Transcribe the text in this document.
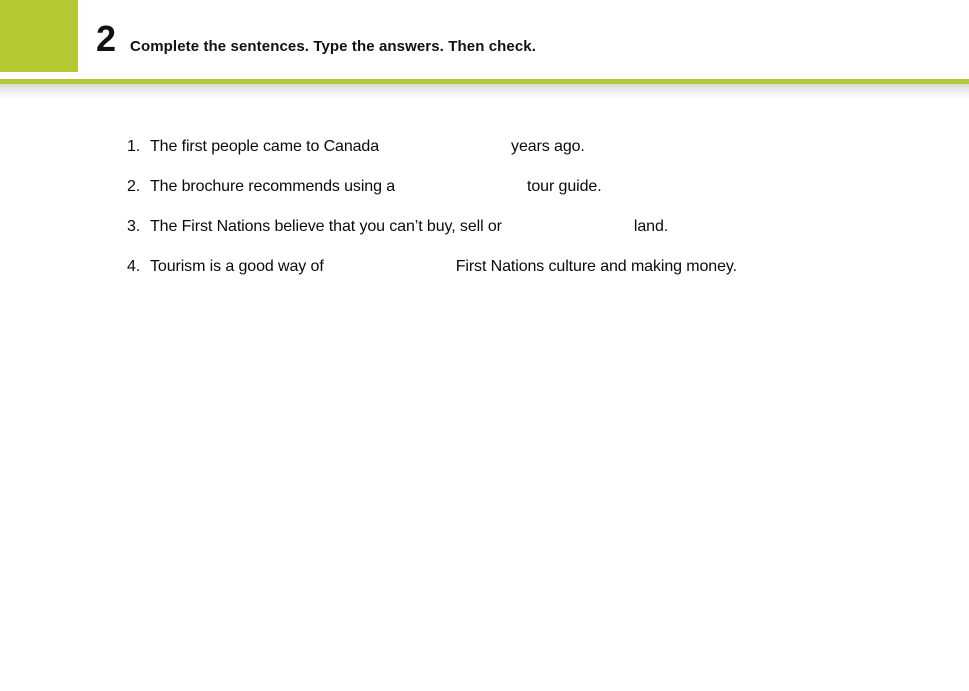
2 Complete the sentences. Type the answers. Then check.
1. The first people came to Canada	years ago.
2. The brochure recommends using a	tour guide.
3. The First Nations believe that you can’t buy, sell or	land.
4. Tourism is a good way of	First Nations culture and making money.
